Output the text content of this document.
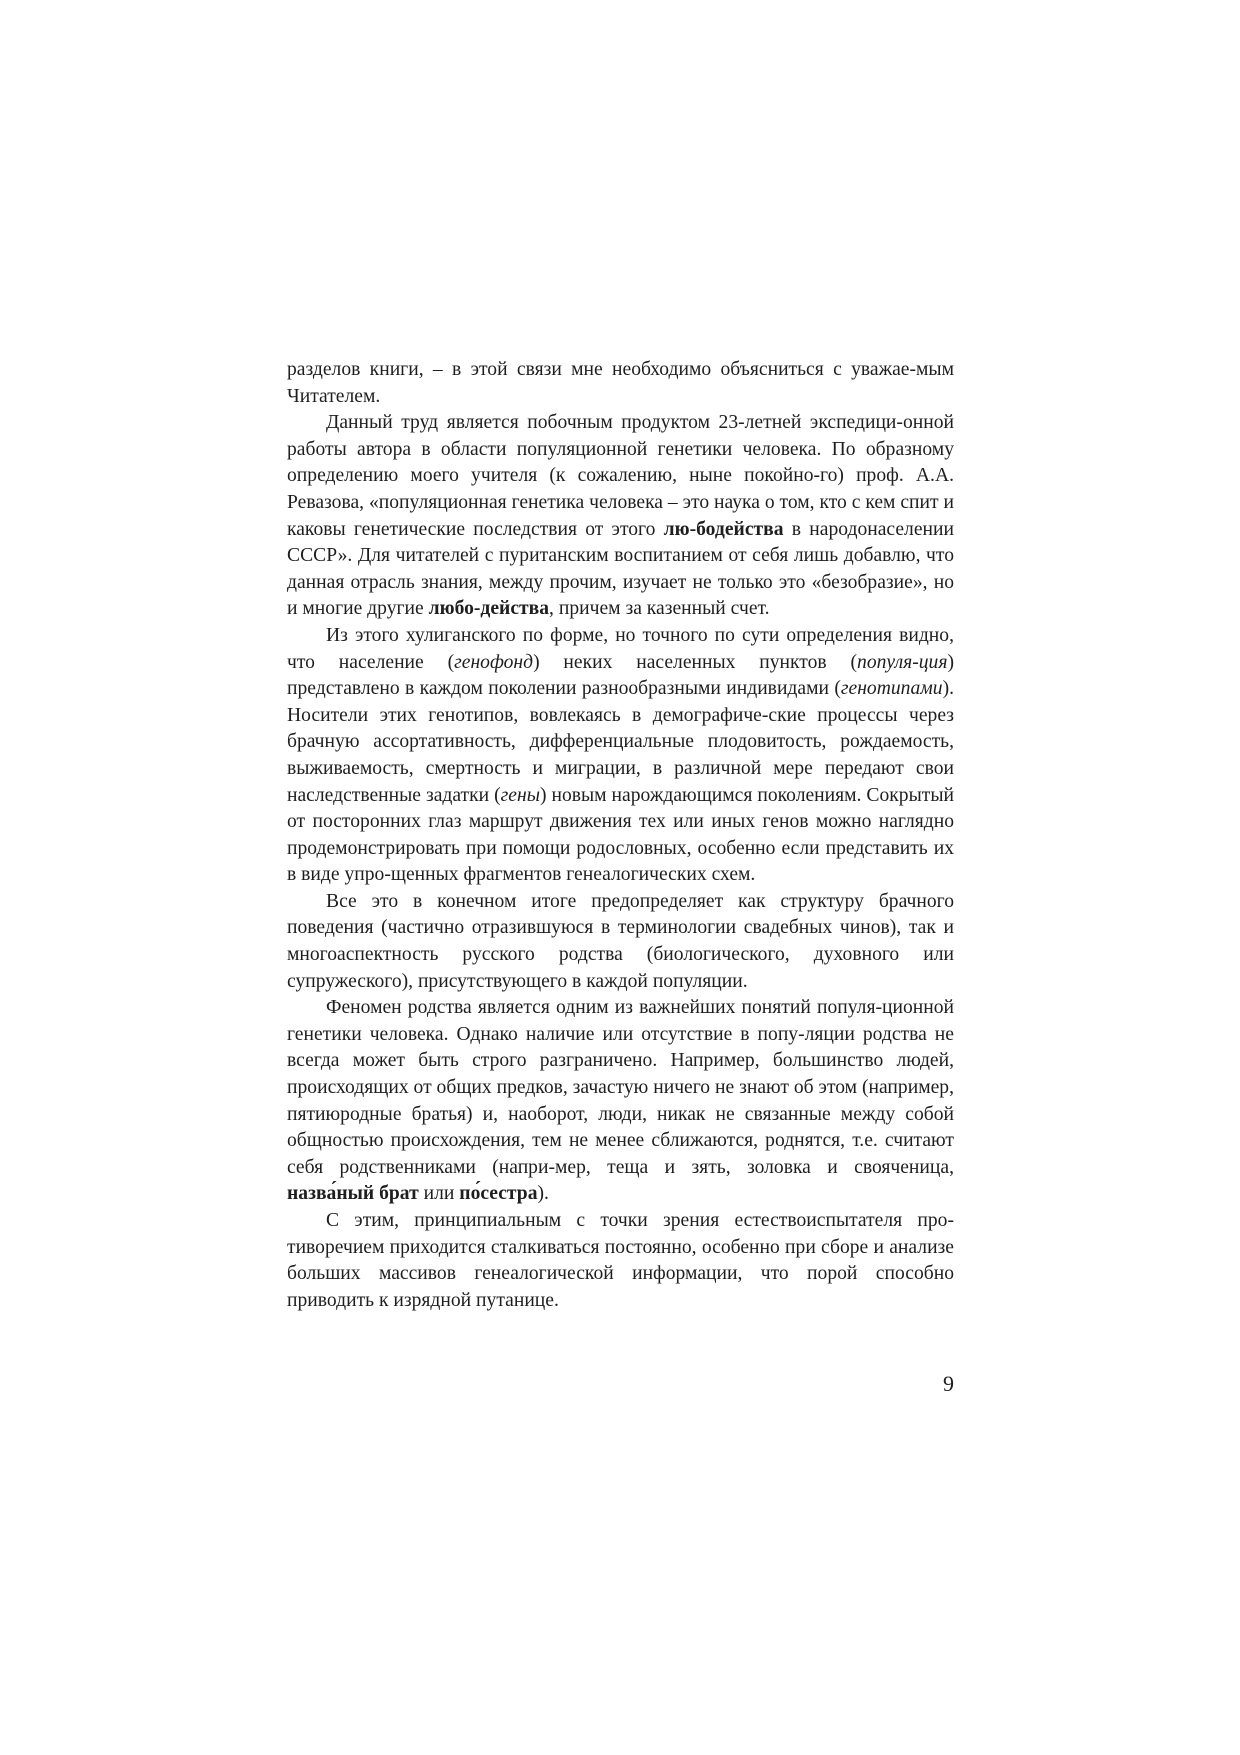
разделов книги, – в этой связи мне необходимо объясниться с уважае-мым Читателем.

Данный труд является побочным продуктом 23-летней экспедици-онной работы автора в области популяционной генетики человека. По образному определению моего учителя (к сожалению, ныне покойно-го) проф. А.А. Ревазова, «популяционная генетика человека – это наука о том, кто с кем спит и каковы генетические последствия от этого лю-бодейства в народонаселении СССР». Для читателей с пуританским воспитанием от себя лишь добавлю, что данная отрасль знания, между прочим, изучает не только это «безобразие», но и многие другие любо-действа, причем за казенный счет.

Из этого хулиганского по форме, но точного по сути определения видно, что население (генофонд) неких населенных пунктов (популя-ция) представлено в каждом поколении разнообразными индивидами (генотипами). Носители этих генотипов, вовлекаясь в демографиче-ские процессы через брачную ассортативность, дифференциальные плодовитость, рождаемость, выживаемость, смертность и миграции, в различной мере передают свои наследственные задатки (гены) новым нарождающимся поколениям. Сокрытый от посторонних глаз маршрут движения тех или иных генов можно наглядно продемонстрировать при помощи родословных, особенно если представить их в виде упро-щенных фрагментов генеалогических схем.

Все это в конечном итоге предопределяет как структуру брачного поведения (частично отразившуюся в терминологии свадебных чинов), так и многоаспектность русского родства (биологического, духовного или супружеского), присутствующего в каждой популяции.

Феномен родства является одним из важнейших понятий популя-ционной генетики человека. Однако наличие или отсутствие в попу-ляции родства не всегда может быть строго разграничено. Например, большинство людей, происходящих от общих предков, зачастую ничего не знают об этом (например, пятиюродные братья) и, наоборот, люди, никак не связанные между собой общностью происхождения, тем не менее сближаются, роднятся, т.е. считают себя родственниками (напри-мер, теща и зять, золовка и свояченица, назва́ный брат или по́сестра).

С этим, принципиальным с точки зрения естествоиспытателя про-тиворечием приходится сталкиваться постоянно, особенно при сборе и анализе больших массивов генеалогической информации, что порой способно приводить к изрядной путанице.

9
